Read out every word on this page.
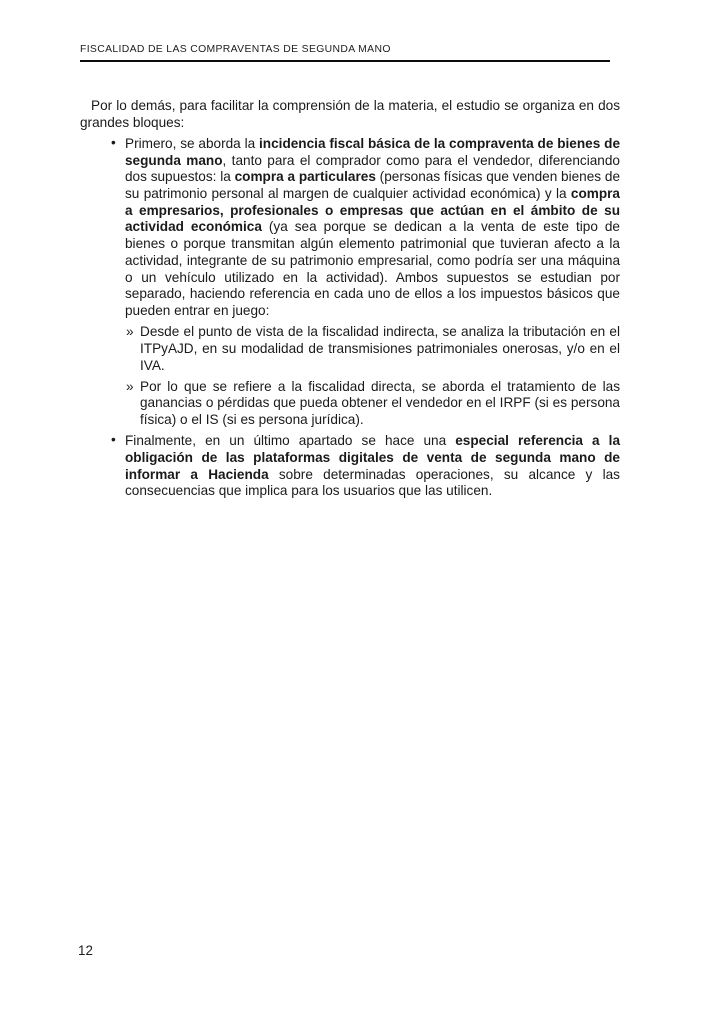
FISCALIDAD DE LAS COMPRAVENTAS DE SEGUNDA MANO

Por lo demás, para facilitar la comprensión de la materia, el estudio se organiza en dos grandes bloques:

• Primero, se aborda la incidencia fiscal básica de la compraventa de bienes de segunda mano, tanto para el comprador como para el vendedor, diferenciando dos supuestos: la compra a particulares (personas físicas que venden bienes de su patrimonio personal al margen de cualquier actividad económica) y la compra a empresarios, profesionales o empresas que actúan en el ámbito de su actividad económica (ya sea porque se dedican a la venta de este tipo de bienes o porque transmitan algún elemento patrimonial que tuvieran afecto a la actividad, integrante de su patrimonio empresarial, como podría ser una máquina o un vehículo utilizado en la actividad). Ambos supuestos se estudian por separado, haciendo referencia en cada uno de ellos a los impuestos básicos que pueden entrar en juego:
» Desde el punto de vista de la fiscalidad indirecta, se analiza la tributación en el ITPyAJD, en su modalidad de transmisiones patrimoniales onerosas, y/o en el IVA.
» Por lo que se refiere a la fiscalidad directa, se aborda el tratamiento de las ganancias o pérdidas que pueda obtener el vendedor en el IRPF (si es persona física) o el IS (si es persona jurídica).
• Finalmente, en un último apartado se hace una especial referencia a la obligación de las plataformas digitales de venta de segunda mano de informar a Hacienda sobre determinadas operaciones, su alcance y las consecuencias que implica para los usuarios que las utilicen.
12
